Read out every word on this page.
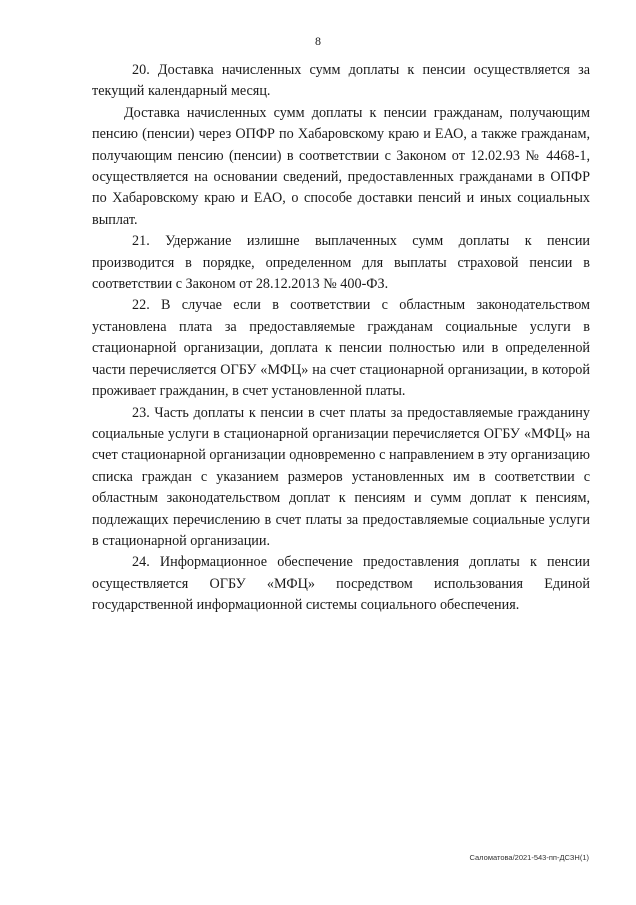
8

20. Доставка начисленных сумм доплаты к пенсии осуществляется за текущий календарный месяц.

Доставка начисленных сумм доплаты к пенсии гражданам, получающим пенсию (пенсии) через ОПФР по Хабаровскому краю и ЕАО, а также гражданам, получающим пенсию (пенсии) в соответствии с Законом от 12.02.93 № 4468-1, осуществляется на основании сведений, предоставленных гражданами в ОПФР по Хабаровскому краю и ЕАО, о способе доставки пенсий и иных социальных выплат.

21. Удержание излишне выплаченных сумм доплаты к пенсии производится в порядке, определенном для выплаты страховой пенсии в соответствии с Законом от 28.12.2013 № 400-ФЗ.

22. В случае если в соответствии с областным законодательством установлена плата за предоставляемые гражданам социальные услуги в стационарной организации, доплата к пенсии полностью или в определенной части перечисляется ОГБУ «МФЦ» на счет стационарной организации, в которой проживает гражданин, в счет установленной платы.

23. Часть доплаты к пенсии в счет платы за предоставляемые гражданину социальные услуги в стационарной организации перечисляется ОГБУ «МФЦ» на счет стационарной организации одновременно с направлением в эту организацию списка граждан с указанием размеров установленных им в соответствии с областным законодательством доплат к пенсиям и сумм доплат к пенсиям, подлежащих перечислению в счет платы за предоставляемые социальные услуги в стационарной организации.

24. Информационное обеспечение предоставления доплаты к пенсии осуществляется ОГБУ «МФЦ» посредством использования Единой государственной информационной системы социального обеспечения.

Саломатова/2021-543-пп-ДСЗН(1)
